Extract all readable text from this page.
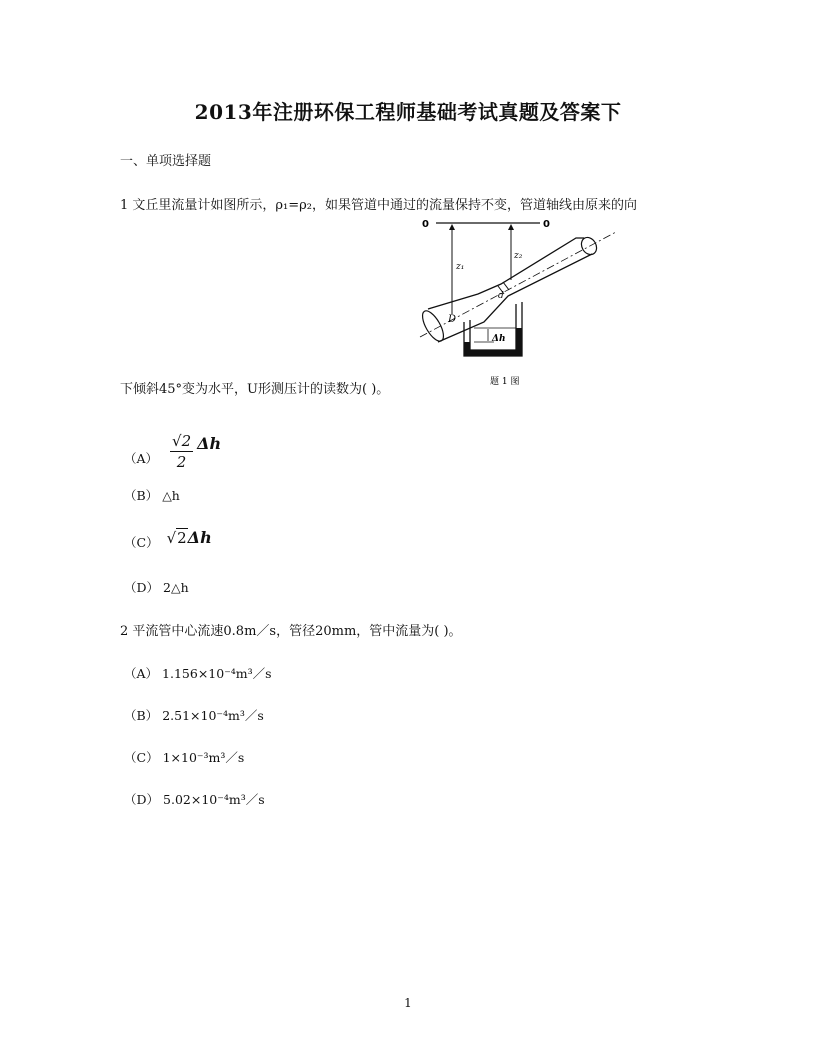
2013年注册环保工程师基础考试真题及答案下
一、单项选择题
1 文丘里流量计如图所示，ρ₁=ρ₂，如果管道中通过的流量保持不变，管道轴线由原来的向
0	0
z₁
z₂
D
d
Δh
题 1 图
下倾斜45°变为水平，U形测压计的读数为( )。
$(A) \frac{√2}{2}$ Δh
（B） △h
（C） √2Δh
（D） 2△h
2 平流管中心流速0.8m／s，管径20mm，管中流量为( )。
（A） 1.156×10⁻⁴m³／s
（B） 2.51×10⁻⁴m³／s
（C） 1×10⁻³m³／s
（D） 5.02×10⁻⁴m³／s
1
